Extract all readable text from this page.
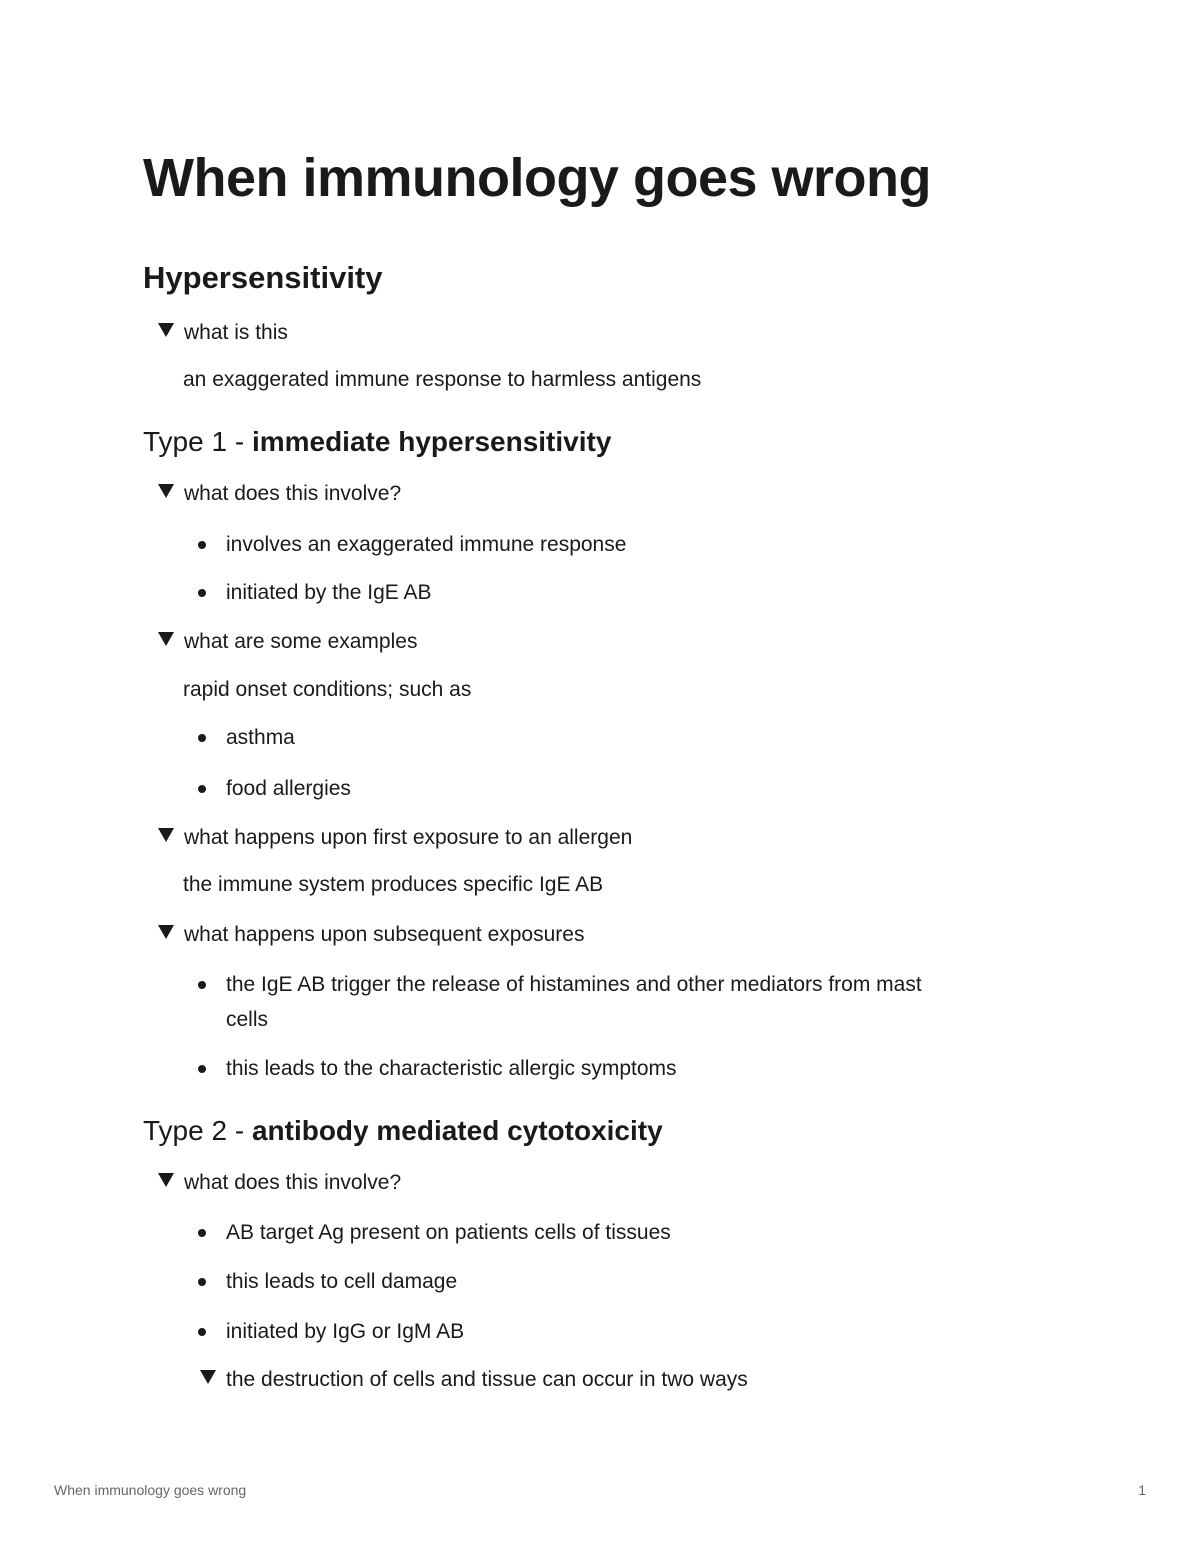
When immunology goes wrong
Hypersensitivity
what is this
an exaggerated immune response to harmless antigens
Type 1 - immediate hypersensitivity
what does this involve?
involves an exaggerated immune response
initiated by the IgE AB
what are some examples
rapid onset conditions; such as
asthma
food allergies
what happens upon first exposure to an allergen
the immune system produces specific IgE AB
what happens upon subsequent exposures
the IgE AB trigger the release of histamines and other mediators from mast
cells
this leads to the characteristic allergic symptoms
Type 2 - antibody mediated cytotoxicity
what does this involve?
AB target Ag present on patients cells of tissues
this leads to cell damage
initiated by IgG or IgM AB
the destruction of cells and tissue can occur in two ways
When immunology goes wrong	1
